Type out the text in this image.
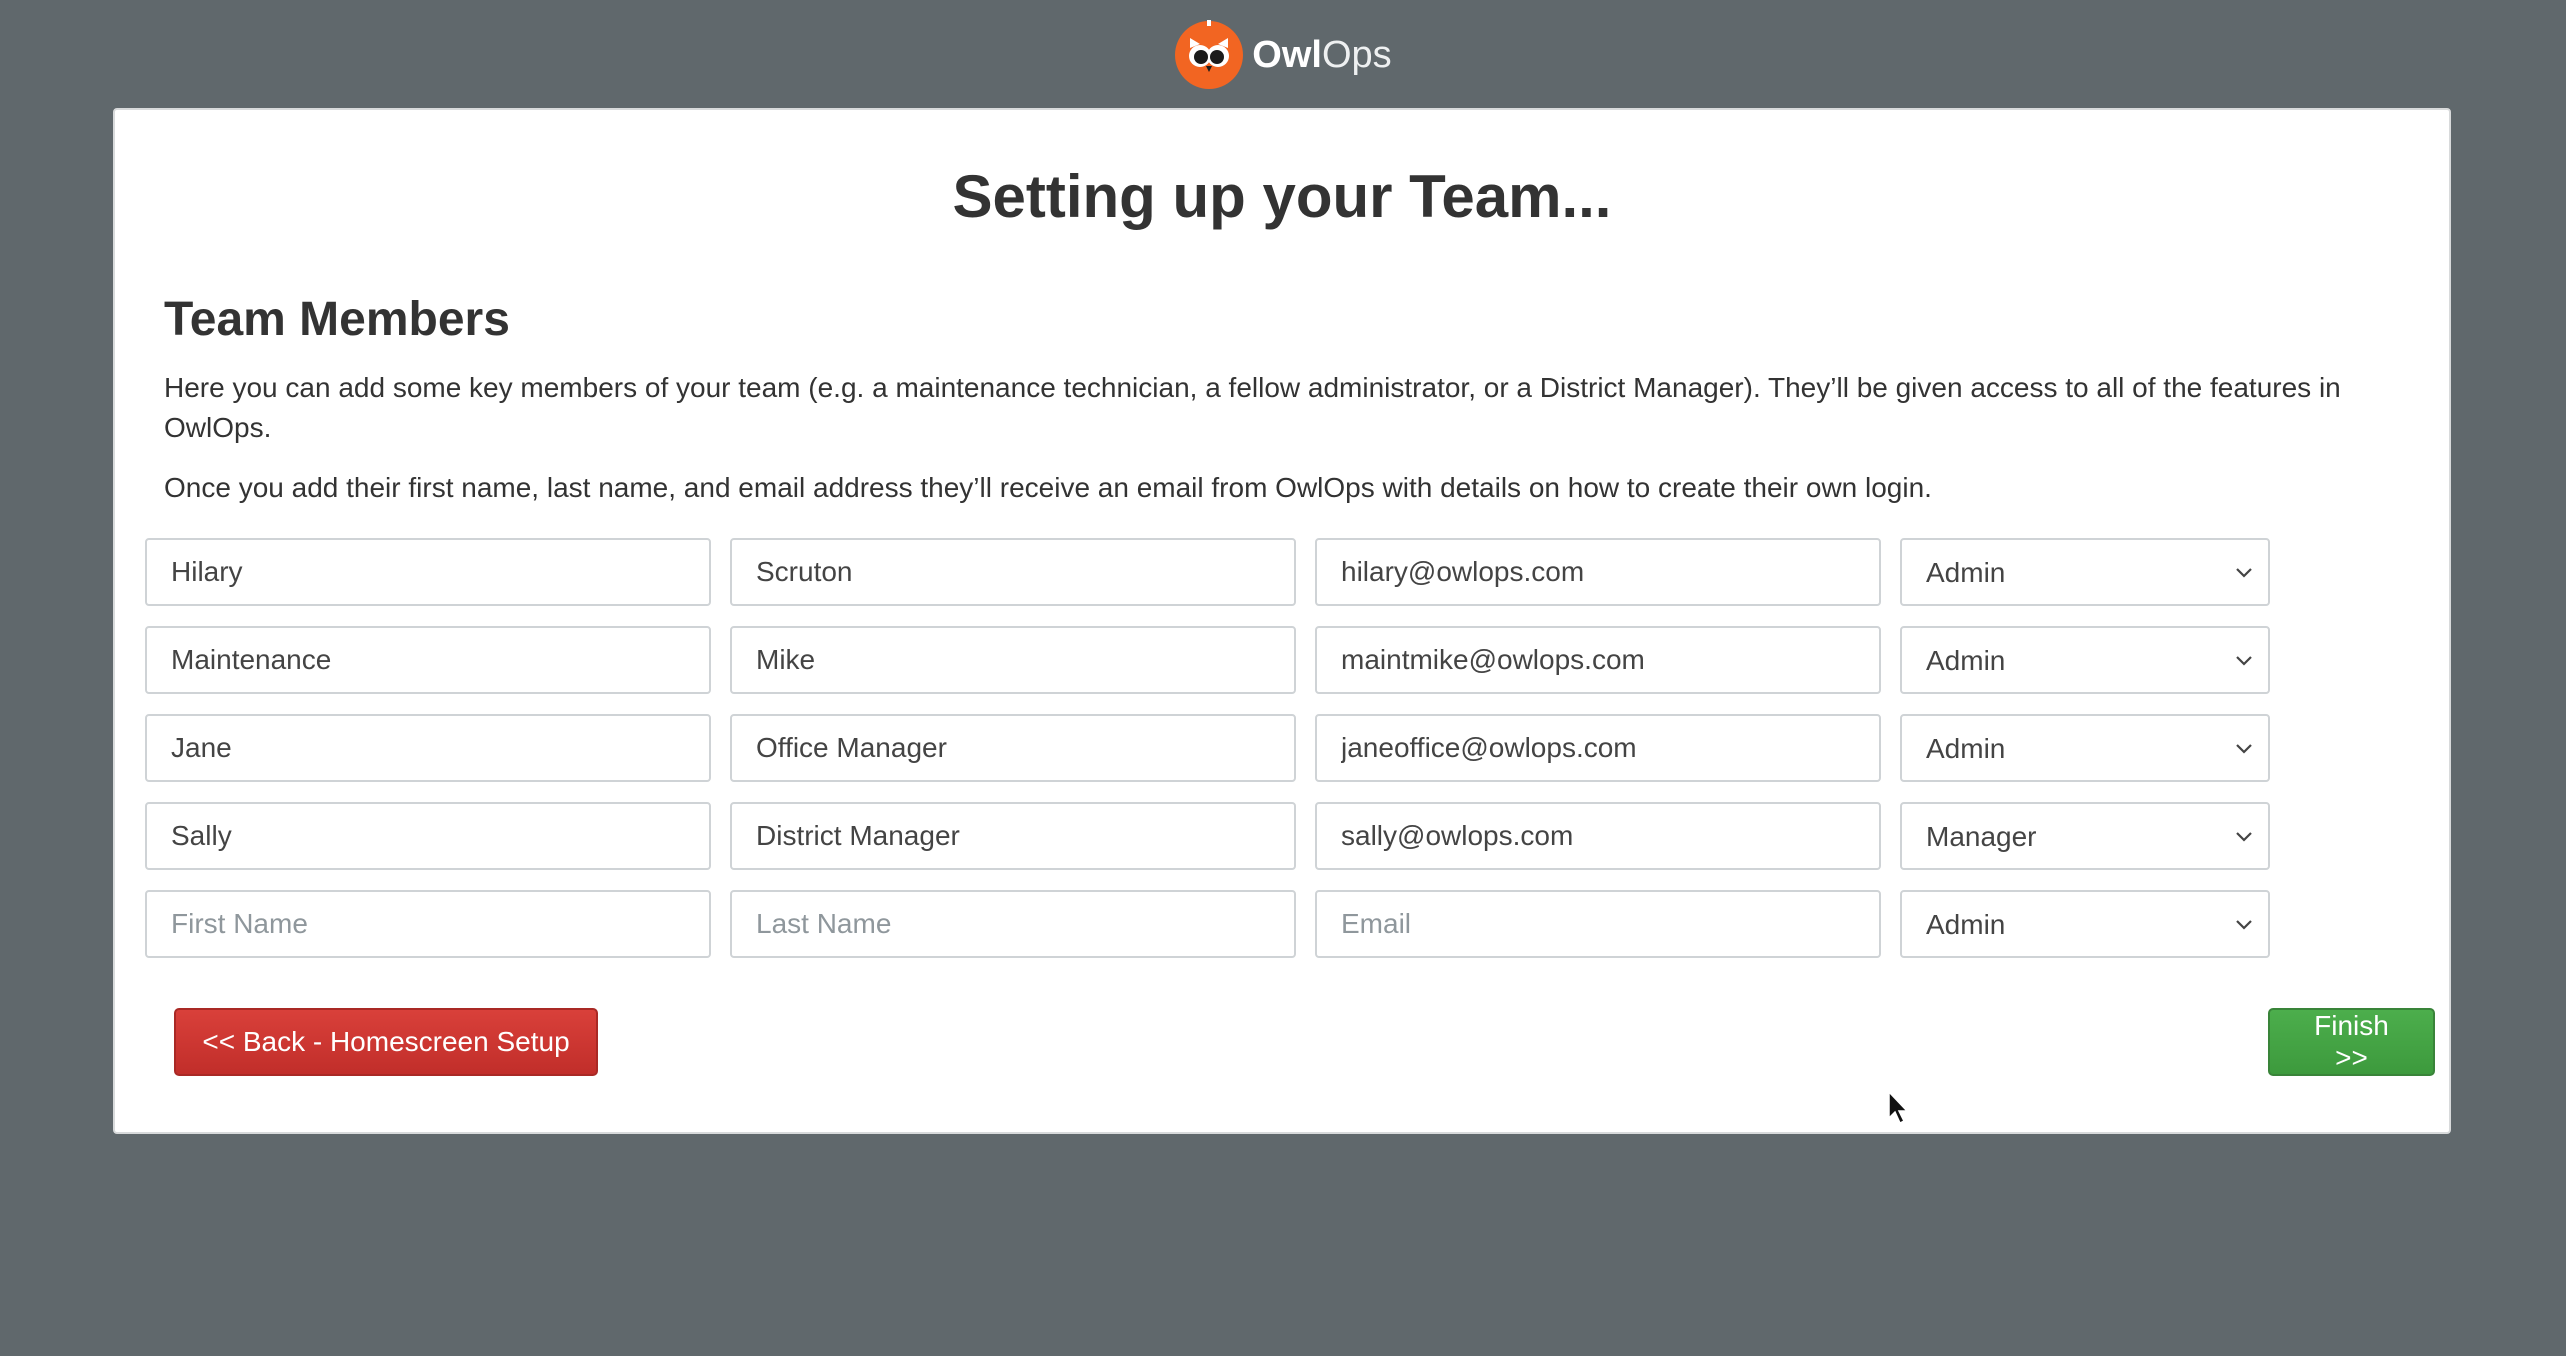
OwlOps
Setting up your Team...
Team Members

Here you can add some key members of your team (e.g. a maintenance technician, a fellow administrator, or a District Manager). They’ll be given access to all of the features in OwlOps.

Once you add their first name, last name, and email address they’ll receive an email from OwlOps with details on how to create their own login.

Hilary
Scruton
hilary@owlops.com
Admin
Maintenance
Mike
maintmike@owlops.com
Admin
Jane
Office Manager
janeoffice@owlops.com
Admin
Sally
District Manager
sally@owlops.com
Manager
First Name
Last Name
Email
Admin
<< Back - Homescreen Setup
Finish >>
